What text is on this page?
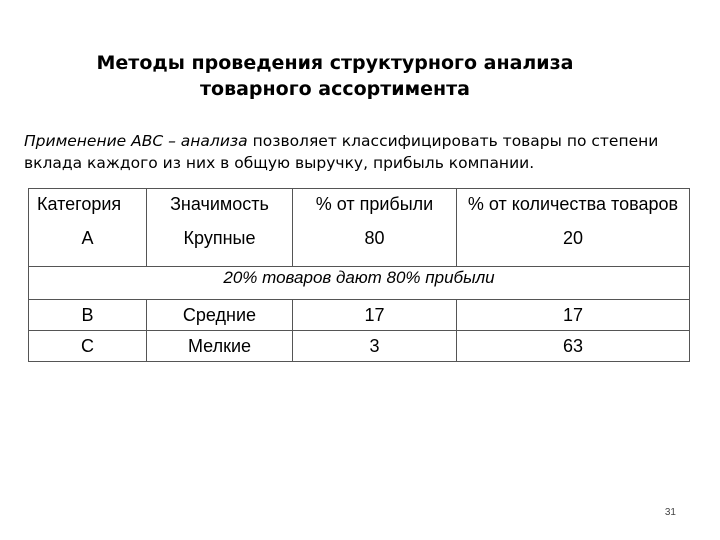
Методы проведения структурного анализа
товарного ассортимента
Применение АВС – анализа позволяет классифицировать товары по степени вклада каждого из них в общую выручку, прибыль компании.
Категория	Значимость	% от прибыли	% от количества товаров
А	Крупные	80	20
20% товаров дают 80% прибыли			
В	Средние	17	17
С	Мелкие	3	63
31
